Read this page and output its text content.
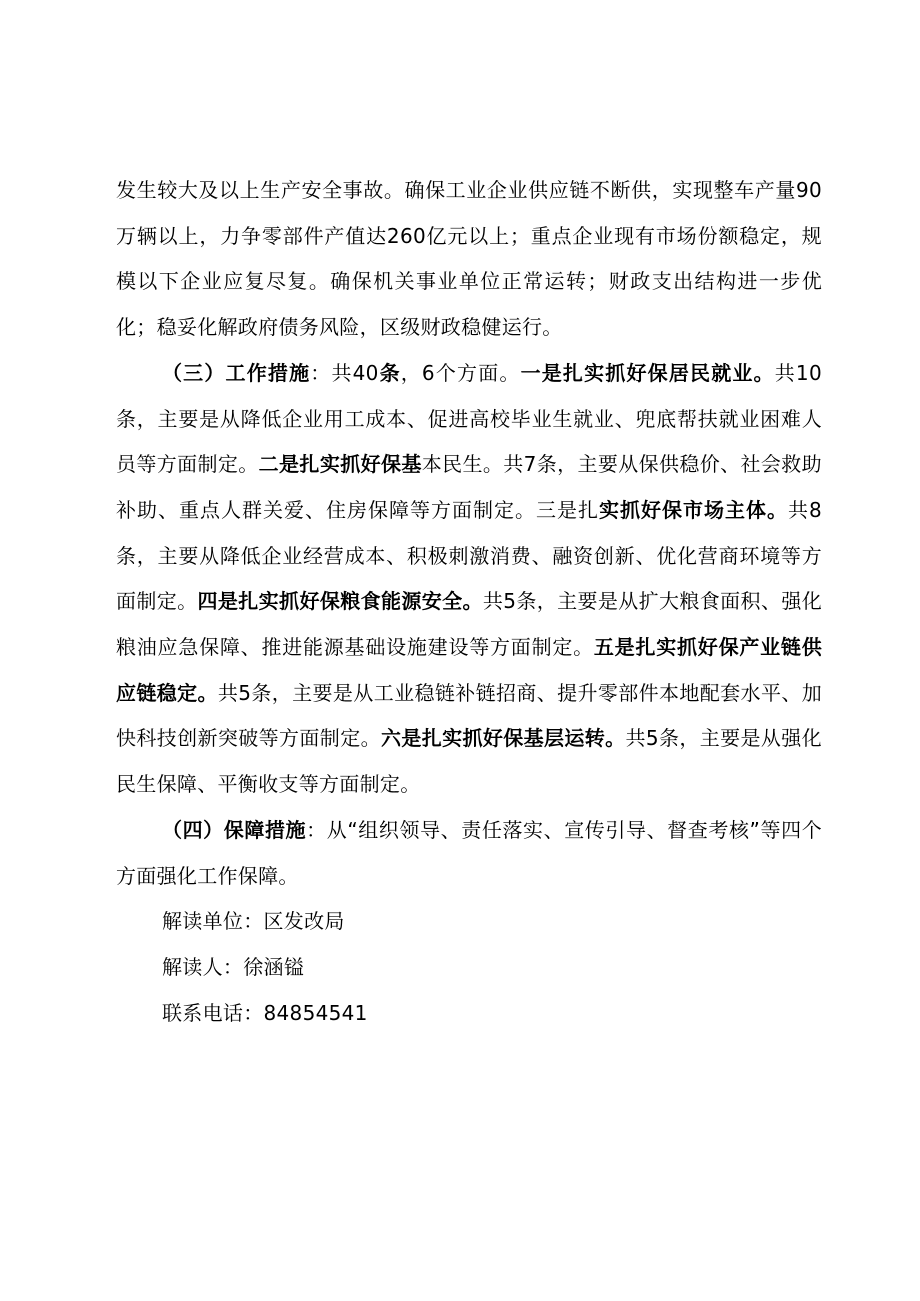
发生较大及以上生产安全事故。确保工业企业供应链不断供，实现整车产量90万辆以上，力争零部件产值达260亿元以上；重点企业现有市场份额稳定，规模以下企业应复尽复。确保机关事业单位正常运转；财政支出结构进一步优化；稳妥化解政府债务风险，区级财政稳健运行。

（三）工作措施：共40条，6个方面。一是扎实抓好保居民就业。共10条，主要是从降低企业用工成本、促进高校毕业生就业、兜底帮扶就业困难人员等方面制定。二是扎实抓好保基本民生。共7条，主要从保供稳价、社会救助补助、重点人群关爱、住房保障等方面制定。三是扎实抓好保市场主体。共8条，主要从降低企业经营成本、积极刺激消费、融资创新、优化营商环境等方面制定。四是扎实抓好保粮食能源安全。共5条，主要是从扩大粮食面积、强化粮油应急保障、推进能源基础设施建设等方面制定。五是扎实抓好保产业链供应链稳定。共5条，主要是从工业稳链补链招商、提升零部件本地配套水平、加快科技创新突破等方面制定。六是扎实抓好保基层运转。共5条，主要是从强化民生保障、平衡收支等方面制定。

（四）保障措施：从“组织领导、责任落实、宣传引导、督查考核”等四个方面强化工作保障。

解读单位：区发改局

解读人：徐涵镒

联系电话：84854541
